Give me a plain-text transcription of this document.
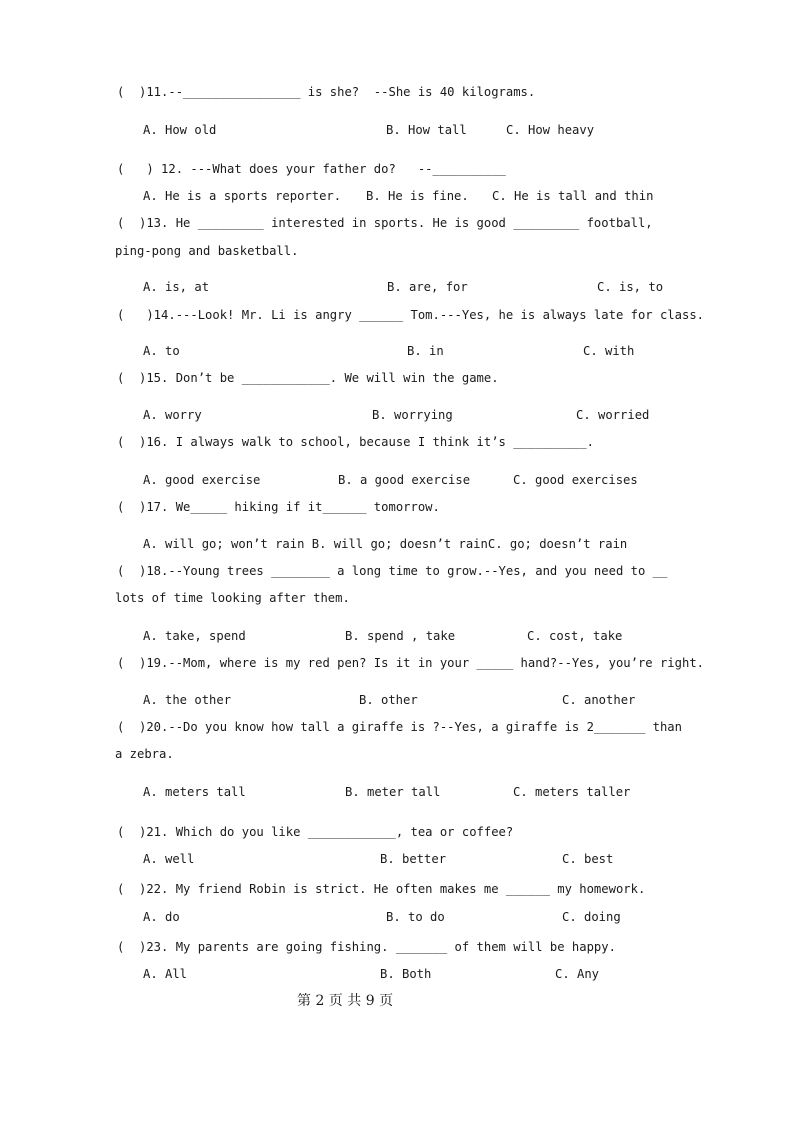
(  )11.--________________ is she?  --She is 40 kilograms.
A. How old	B. How tall	C. How heavy
(   ) 12. ---What does your father do?   --__________
A. He is a sports reporter. B. He is fine. C. He is tall and thin
(  )13. He _________ interested in sports. He is good _________ football,
ping-pong and basketball.
A. is, at	B. are, for	C. is, to
(   )14.---Look! Mr. Li is angry ______ Tom.---Yes, he is always late for class.
A. to	B. in	C. with
(  )15. Don’t be ____________. We will win the game.
A. worry	B. worrying	C. worried
(  )16. I always walk to school, because I think it’s __________.
A. good exercise	B. a good exercise	C. good exercises
(  )17. We_____ hiking if it______ tomorrow.
A. will go; won’t rain B. will go; doesn’t rainC. go; doesn’t rain
(  )18.--Young trees ________ a long time to grow.--Yes, and you need to __
lots of time looking after them.
A. take, spend	B. spend , take	C. cost, take
(  )19.--Mom, where is my red pen? Is it in your _____ hand?--Yes, you’re right.
A. the other	B. other	C. another
(  )20.--Do you know how tall a giraffe is ?--Yes, a giraffe is 2_______ than
a zebra.
A. meters tall	B. meter tall	C. meters taller
(  )21. Which do you like ____________, tea or coffee?
A. well	B. better	C. best
(  )22. My friend Robin is strict. He often makes me ______ my homework.
A. do	B. to do	C. doing
(  )23. My parents are going fishing. _______ of them will be happy.
A. All	B. Both	C. Any
第 2 页 共 9 页
